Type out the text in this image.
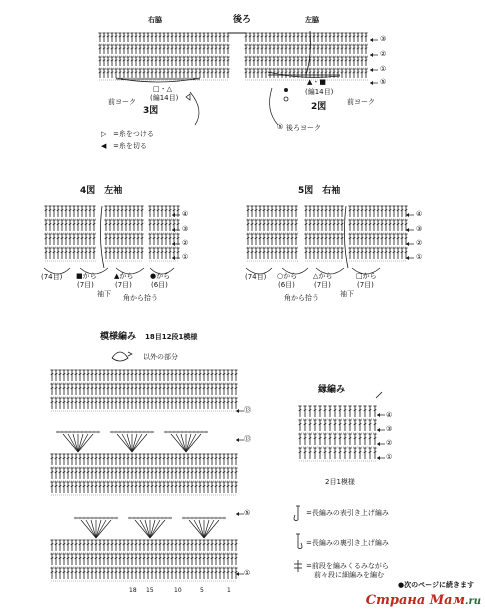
後ろ
右脇	左脇
③
②
①
⑤
□・△
(編14目)
前ヨーク
3図
▲・■
(編14目)
前ヨーク
2図
後ろヨーク
⑤
▷ =糸をつける
◀ =糸を切る
4図　左袖
④
③
②
①
(74目) ■から
(7目)
▲から
(7目)
●から
(6目)
袖下 角から拾う
5図　右袖
④
③
②
①
(74目) ○から
(6目)
△から
(7目)
□から
(7目)
袖下
角から拾う
模様編み 18目12段1模様
以外の部分
⑬
⑬
⑤
①
18 15	10	5	1
縁編み
④
③
②
①
2目1模様
=長編みの表引き上げ編み
=長編みの裏引き上げ編み
=前段を編みくるみながら
前々段に細編みを編む
●次のページに続きます
Страна Мам.ru
